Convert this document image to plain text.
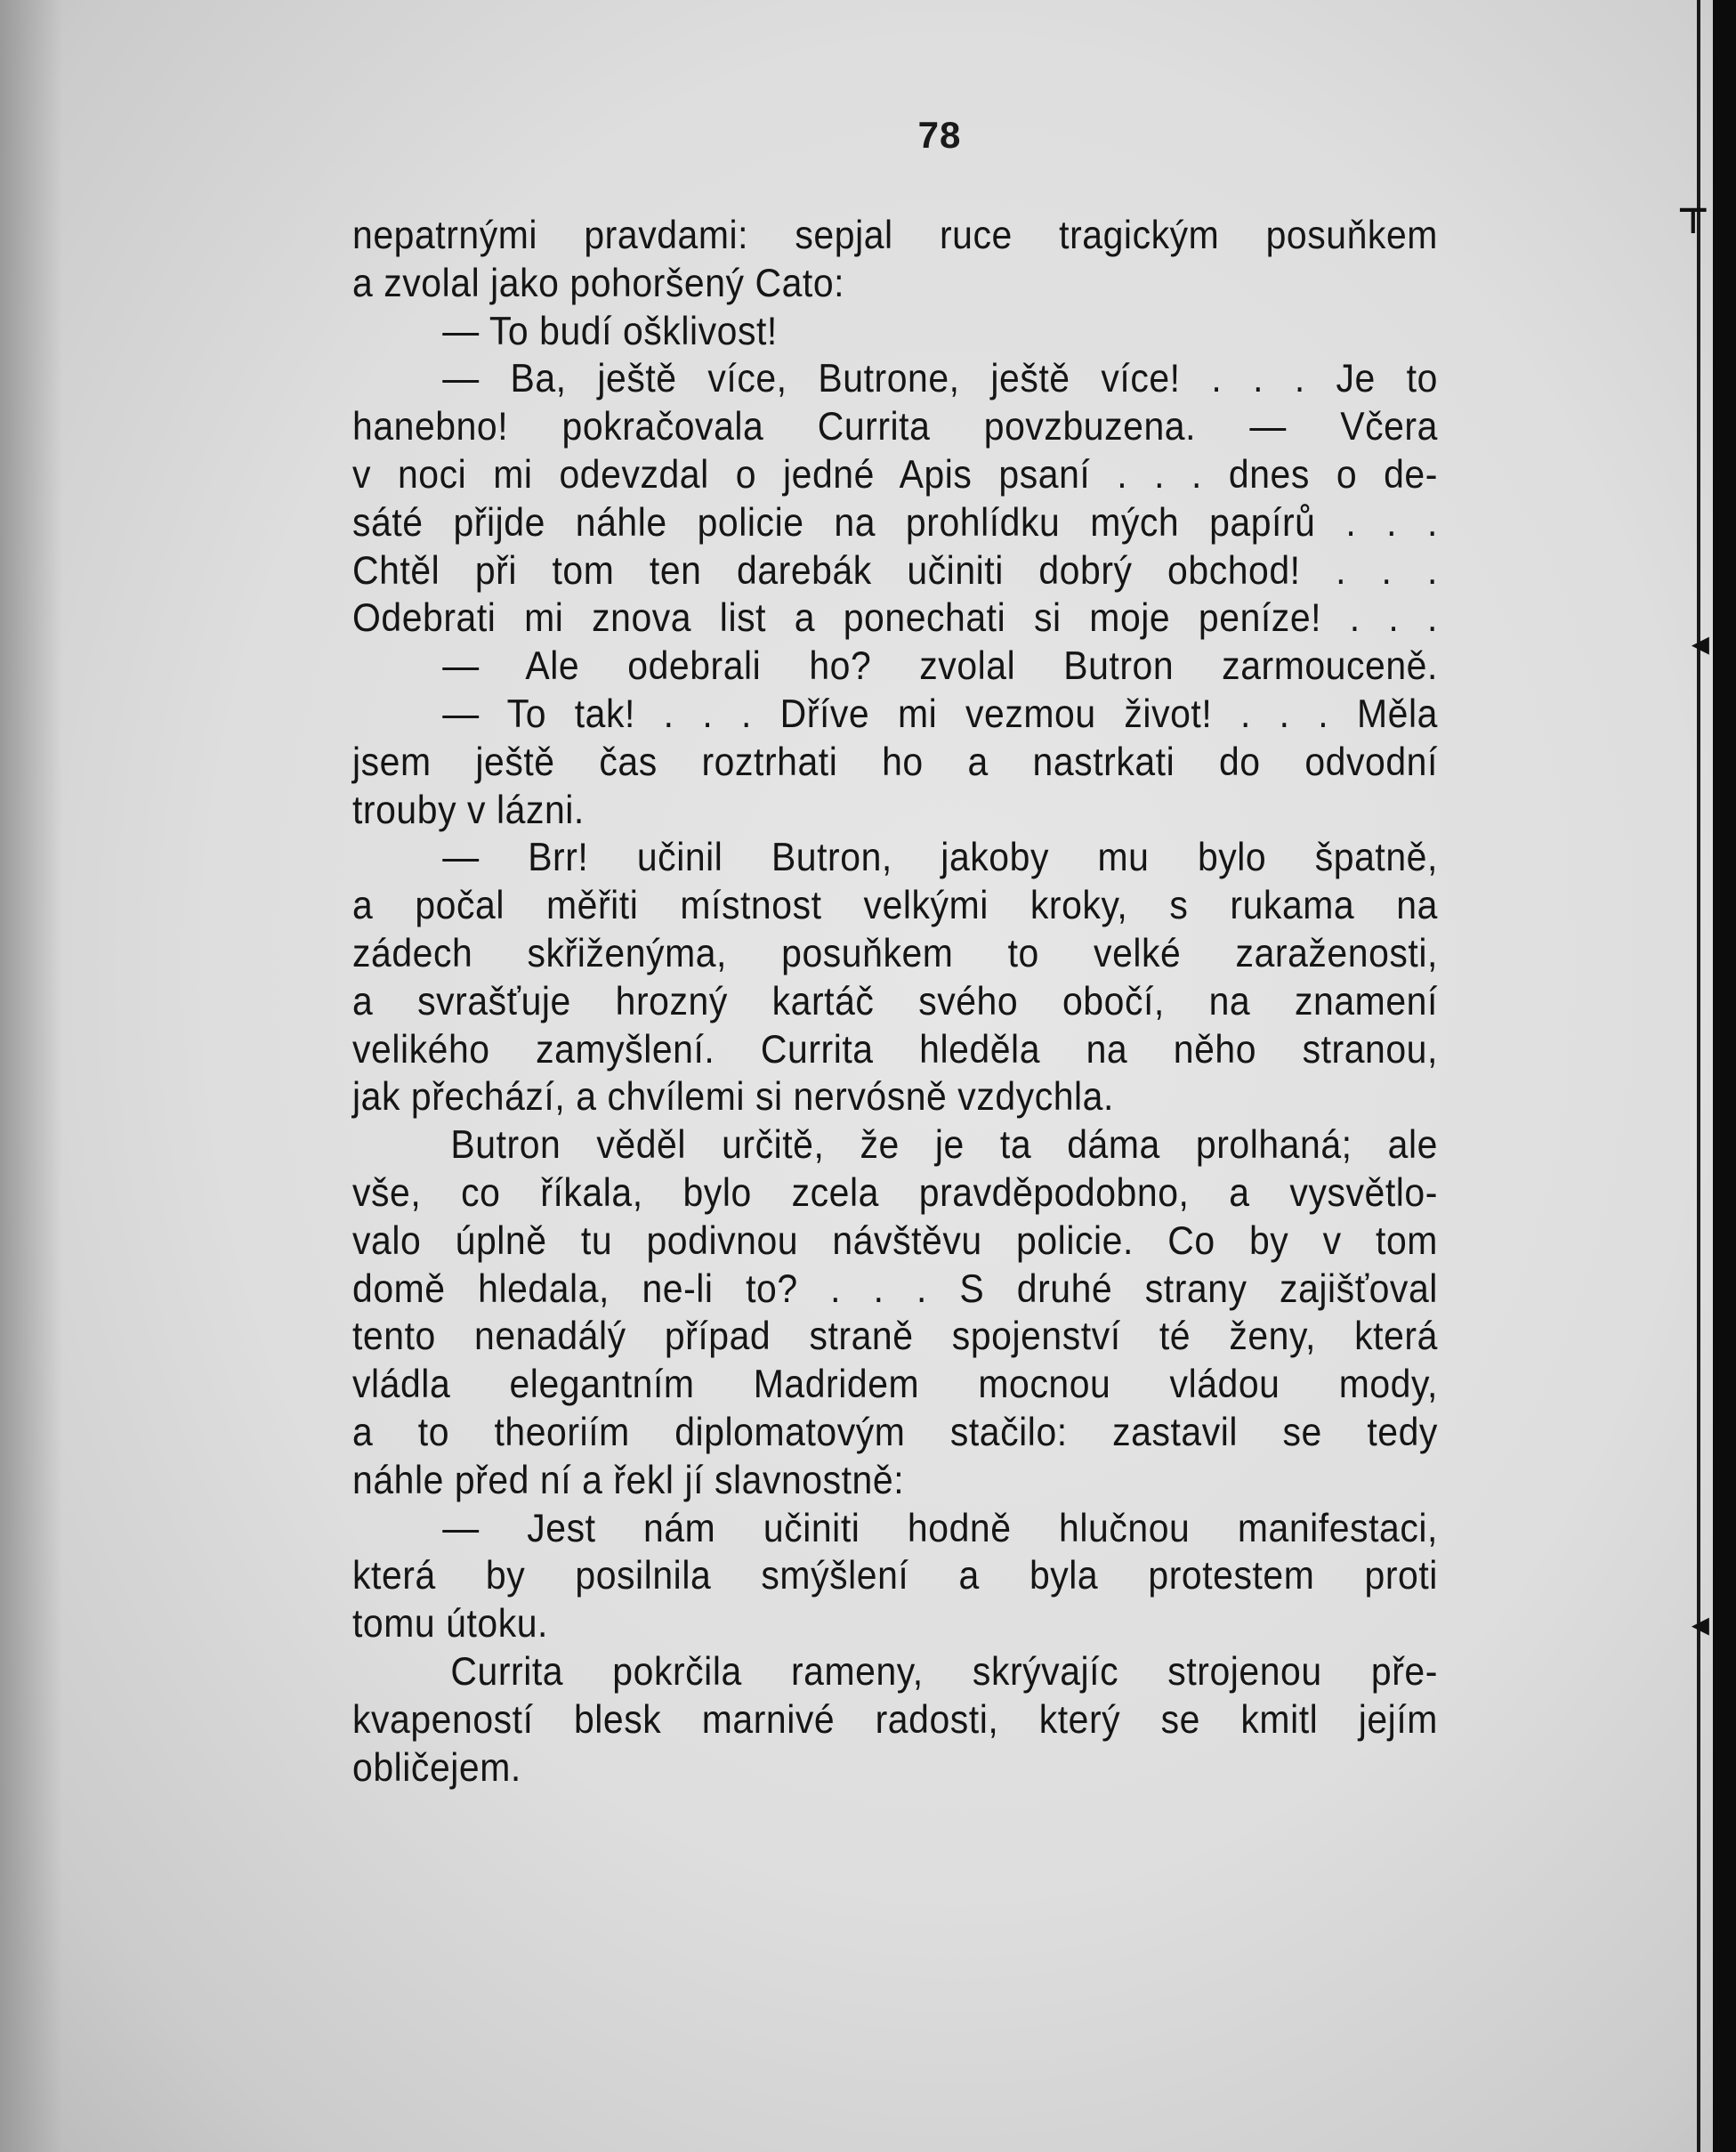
⊤
◂
◂
78
nepatrnými pravdami: sepjal ruce tragickým posuňkem
a zvolal jako pohoršený Cato:
— To budí ošklivost!
— Ba, ještě více, Butrone, ještě více! . . . Je to
hanebno! pokračovala Currita povzbuzena. — Včera
v noci mi odevzdal o jedné Apis psaní . . . dnes o de-
sáté přijde náhle policie na prohlídku mých papírů . . .
Chtěl při tom ten darebák učiniti dobrý obchod! . . .
Odebrati mi znova list a ponechati si moje peníze! . . .
— Ale odebrali ho? zvolal Butron zarmouceně.
— To tak! . . . Dříve mi vezmou život! . . . Měla
jsem ještě čas roztrhati ho a nastrkati do odvodní
trouby v lázni.
— Brr! učinil Butron, jakoby mu bylo špatně,
a počal měřiti místnost velkými kroky, s rukama na
zádech skřiženýma, posuňkem to velké zaraženosti,
a svrašťuje hrozný kartáč svého obočí, na znamení
velikého zamyšlení. Currita hleděla na něho stranou,
jak přechází, a chvílemi si nervósně vzdychla.
Butron věděl určitě, že je ta dáma prolhaná; ale
vše, co říkala, bylo zcela pravděpodobno, a vysvětlo-
valo úplně tu podivnou návštěvu policie. Co by v tom
domě hledala, ne-li to? . . . S druhé strany zajišťoval
tento nenadálý případ straně spojenství té ženy, která
vládla elegantním Madridem mocnou vládou mody,
a to theoriím diplomatovým stačilo: zastavil se tedy
náhle před ní a řekl jí slavnostně:
— Jest nám učiniti hodně hlučnou manifestaci,
která by posilnila smýšlení a byla protestem proti
tomu útoku.
Currita pokrčila rameny, skrývajíc strojenou pře-
kvapeností blesk marnivé radosti, který se kmitl jejím
obličejem.
